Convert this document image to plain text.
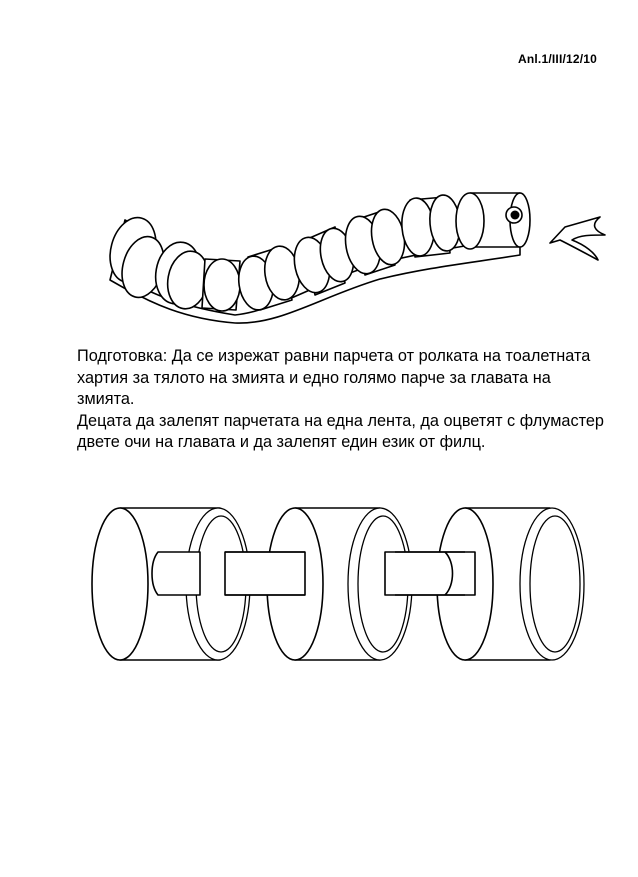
Anl.1/III/12/10

Подготовка: Да се изрежат равни парчета от ролката на тоалетната хартия за тялото на змията и едно голямо парче за главата на змията.

Децата да залепят парчетата на една лента, да оцветят с флумастер двете очи на главата и да залепят един език от филц.
